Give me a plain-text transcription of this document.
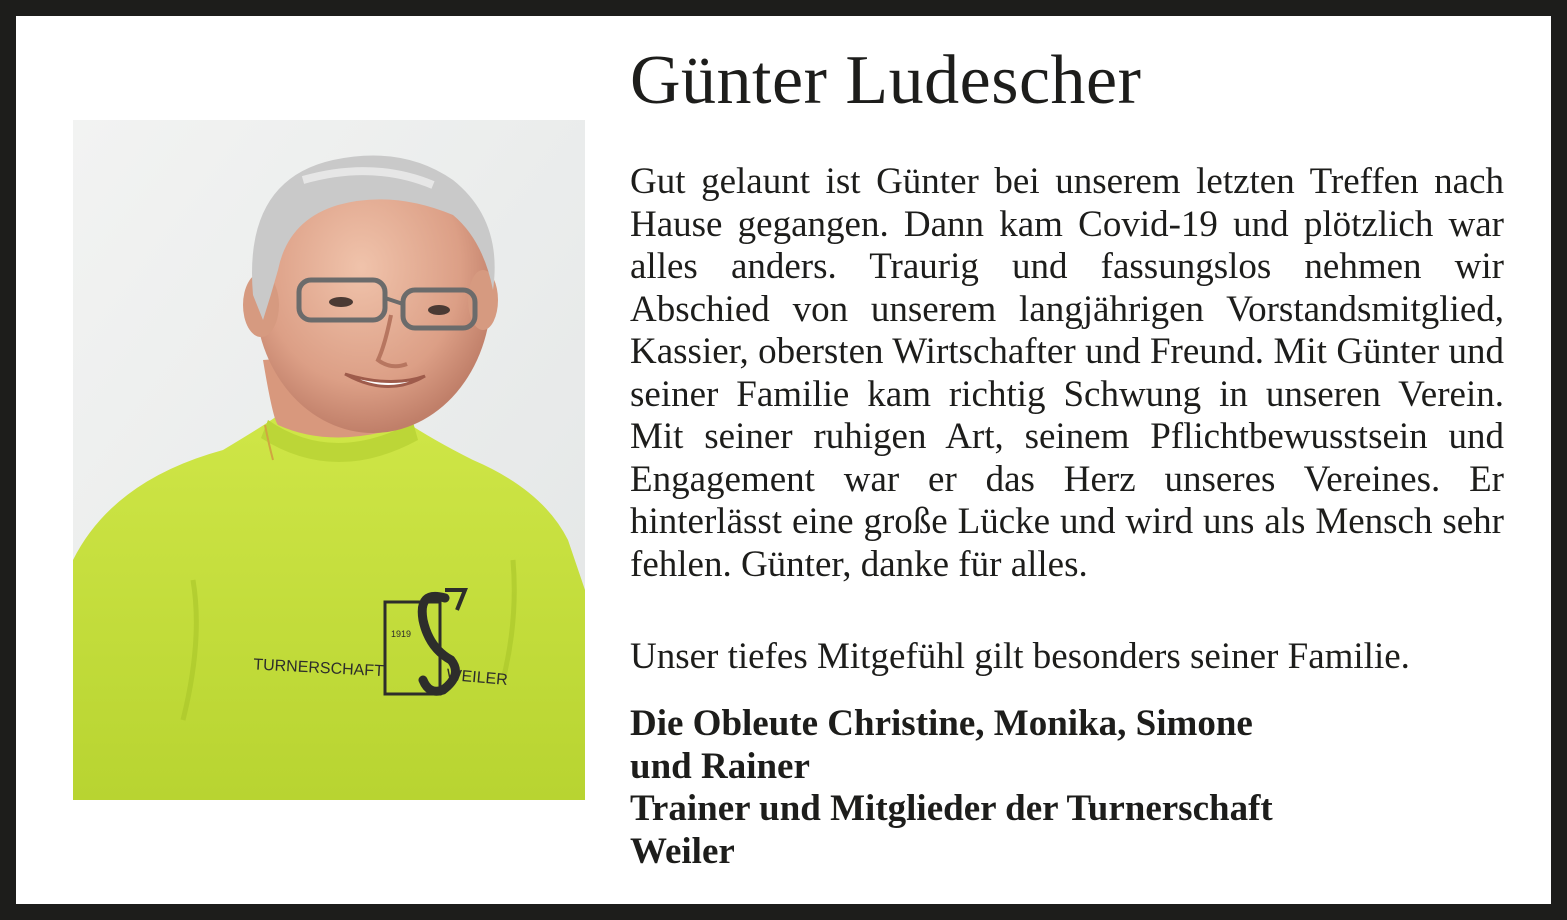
1919
TURNERSCHAFT	WEILER
Günter Ludescher

Gut gelaunt ist Günter bei unserem letzten Treffen nach Hause gegangen. Dann kam Covid-19 und plötzlich war alles anders. Traurig und fassungslos nehmen wir Abschied von unserem langjährigen Vorstandsmitglied, Kassier, obersten Wirtschafter und Freund. Mit Günter und seiner Familie kam richtig Schwung in unseren Verein. Mit seiner ruhigen Art, seinem Pflichtbewusstsein und Engagement war er das Herz unseres Vereines. Er hinterlässt eine große Lücke und wird uns als Mensch sehr fehlen. Günter, danke für alles.

Unser tiefes Mitgefühl gilt besonders seiner Familie.

Die Obleute Christine, Monika, Simone
und Rainer
Trainer und Mitglieder der Turnerschaft
Weiler
